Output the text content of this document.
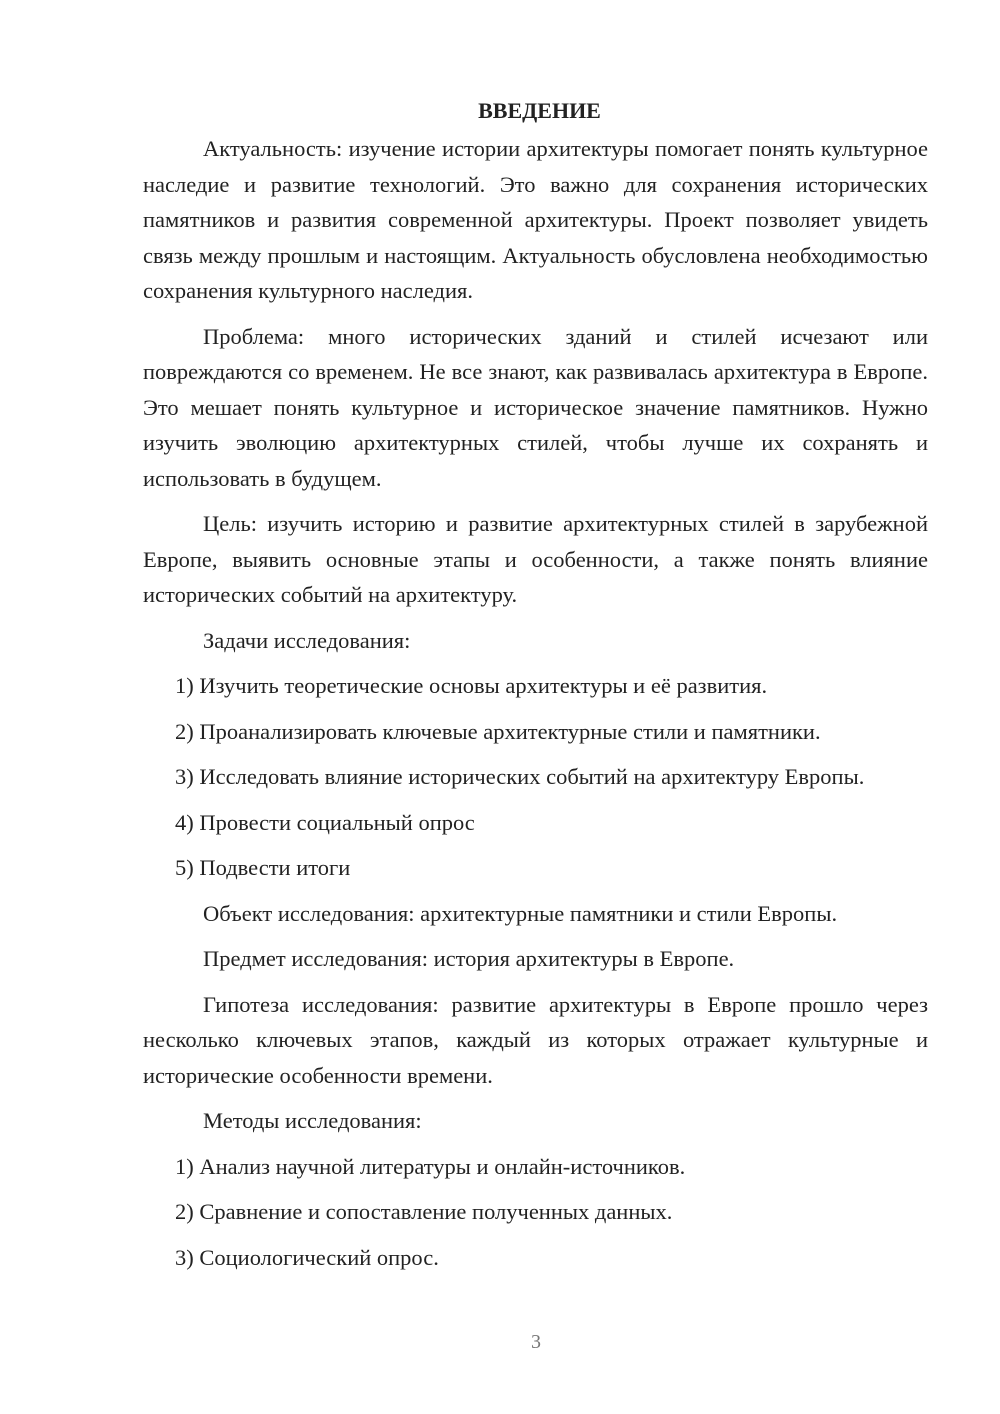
ВВЕДЕНИЕ

Актуальность: изучение истории архитектуры помогает понять культурное наследие и развитие технологий. Это важно для сохранения исторических памятников и развития современной архитектуры. Проект позволяет увидеть связь между прошлым и настоящим. Актуальность обусловлена необходимостью сохранения культурного наследия.

Проблема: много исторических зданий и стилей исчезают или повреждаются со временем. Не все знают, как развивалась архитектура в Европе. Это мешает понять культурное и историческое значение памятников. Нужно изучить эволюцию архитектурных стилей, чтобы лучше их сохранять и использовать в будущем.

Цель: изучить историю и развитие архитектурных стилей в зарубежной Европе, выявить основные этапы и особенности, а также понять влияние исторических событий на архитектуру.

Задачи исследования:

1) Изучить теоретические основы архитектуры и её развития.

2) Проанализировать ключевые архитектурные стили и памятники.

3) Исследовать влияние исторических событий на архитектуру Европы.

4) Провести социальный опрос

5) Подвести итоги

Объект исследования: архитектурные памятники и стили Европы.

Предмет исследования: история архитектуры в Европе.

Гипотеза исследования: развитие архитектуры в Европе прошло через несколько ключевых этапов, каждый из которых отражает культурные и исторические особенности времени.

Методы исследования:

1) Анализ научной литературы и онлайн-источников.

2) Сравнение и сопоставление полученных данных.

3) Социологический опрос.

3
